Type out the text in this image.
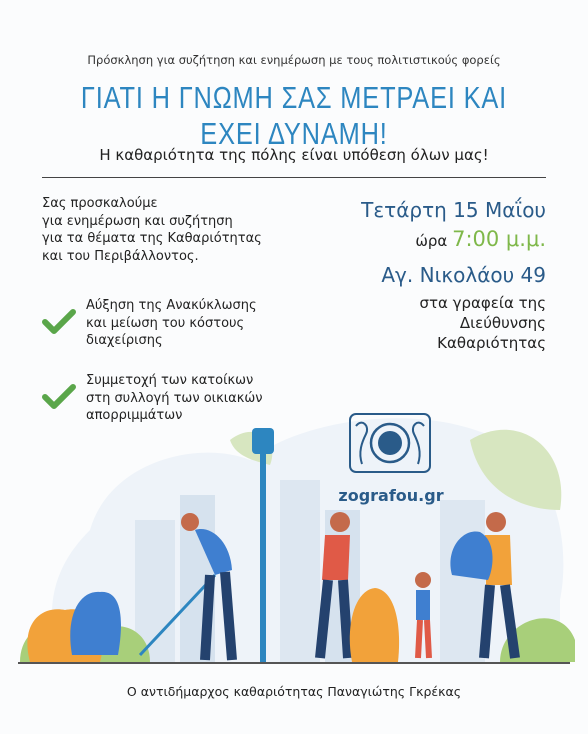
Πρόσκληση για συζήτηση και ενημέρωση με τους πολιτιστικούς φορείς
ΓΙΑΤΙ Η ΓΝΩΜΗ ΣΑΣ ΜΕΤΡΑΕΙ ΚΑΙ ΕΧΕΙ ΔΥΝΑΜΗ!
Η καθαριότητα της πόλης είναι υπόθεση όλων μας!
Σας προσκαλούμε
για ενημέρωση και συζήτηση
για τα θέματα της Καθαριότητας
και του Περιβάλλοντος.
Αύξηση της Ανακύκλωσης
και μείωση του κόστους
διαχείρισης
Συμμετοχή των κατοίκων
στη συλλογή των οικιακών
απορριμμάτων
Τετάρτη 15 Μαΐου
ώρα 7:00 μ.μ.
Αγ. Νικολάου 49
στα γραφεία της
Διεύθυνσης
Καθαριότητας
zografou.gr
Ο αντιδήμαρχος καθαριότητας Παναγιώτης Γκρέκας
